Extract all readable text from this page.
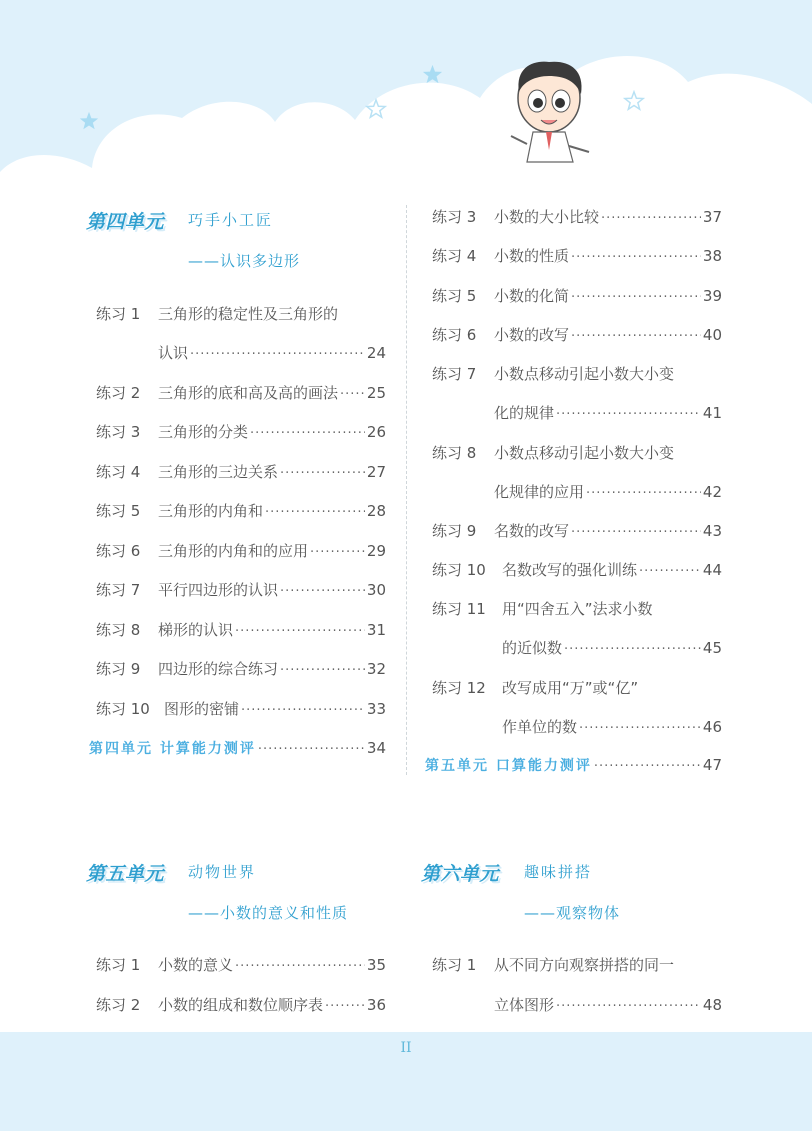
第四单元 巧手小工匠
——认识多边形
练习 1	三角形的稳定性及三角形的
认识 ·····	24
练习 2	三角形的底和高及高的画法 ····· 25
练习 3	三角形的分类 ·····	26
练习 4	三角形的三边关系 ·····	27
练习 5	三角形的内角和 ·····	28
练习 6	三角形的内角和的应用 ·····	29
练习 7	平行四边形的认识 ·····	30
练习 8	梯形的认识 ·····	31
练习 9	四边形的综合练习 ·····	32
练习 10 图形的密铺 ·····	33
第四单元 计算能力测评 ·····	34
练习 3	小数的大小比较 ·····	37
练习 4	小数的性质 ·····	38
练习 5	小数的化简 ·····	39
练习 6	小数的改写 ·····	40
练习 7	小数点移动引起小数大小变
化的规律 ·····	41
练习 8	小数点移动引起小数大小变
化规律的应用 ·····	42
练习 9	名数的改写 ·····	43
练习 10	名数改写的强化训练 ·····	44
练习 11	用“四舍五入”法求小数
的近似数 ·····	45
练习 12	改写成用“万”或“亿”
作单位的数 ·····	46
第五单元 口算能力测评 ·····	47
第五单元 动物世界
——小数的意义和性质
练习 1	小数的意义 ·····	35
练习 2	小数的组成和数位顺序表 ·····	36
第六单元 趣味拼搭
——观察物体
练习 1	从不同方向观察拼搭的同一
立体图形 ·····	48
II
